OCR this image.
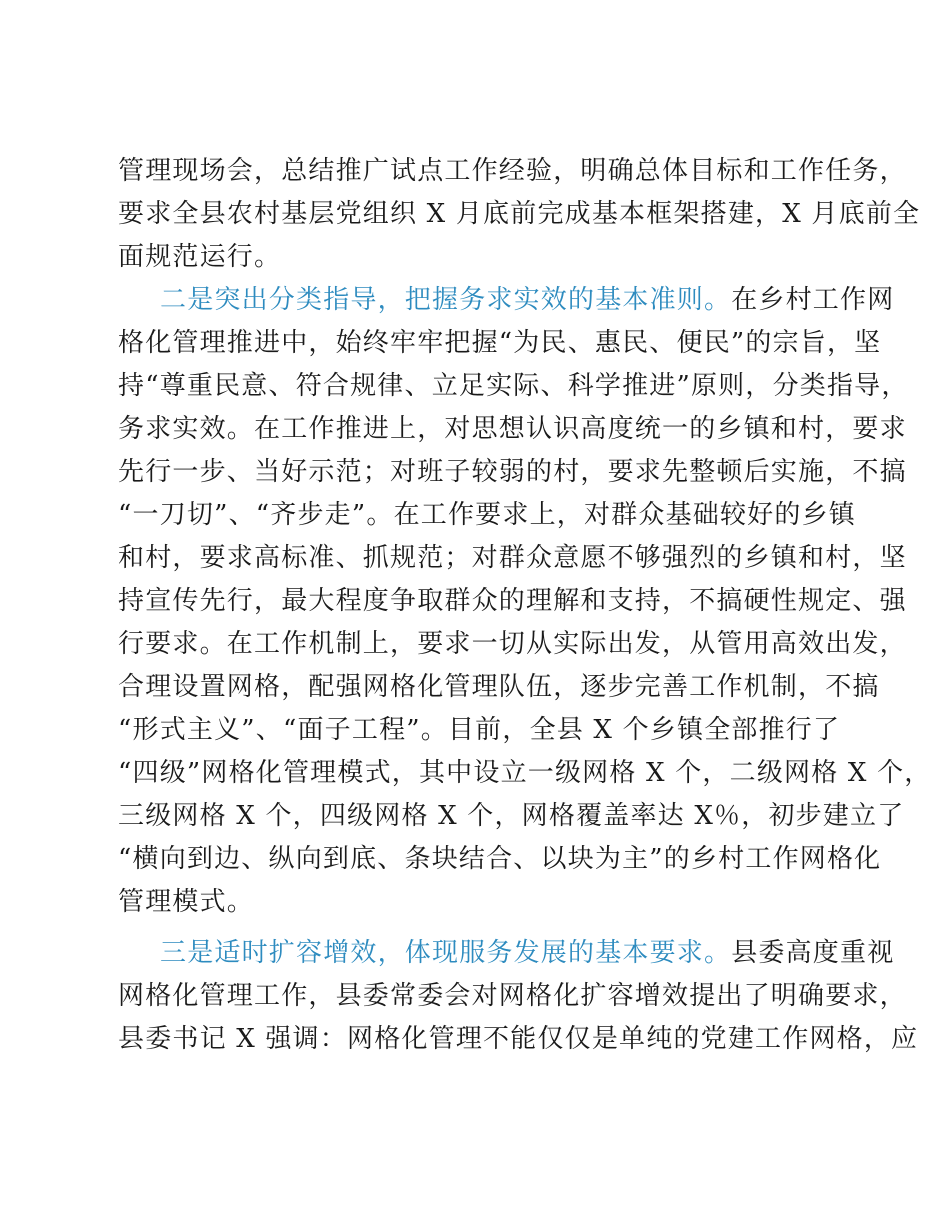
管理现场会，总结推广试点工作经验，明确总体目标和工作任务，
要求全县农村基层党组织 X 月底前完成基本框架搭建，X 月底前全
面规范运行。
二是突出分类指导，把握务求实效的基本准则。在乡村工作网
格化管理推进中，始终牢牢把握“为民、惠民、便民”的宗旨，坚
持“尊重民意、符合规律、立足实际、科学推进”原则，分类指导，
务求实效。在工作推进上，对思想认识高度统一的乡镇和村，要求
先行一步、当好示范；对班子较弱的村，要求先整顿后实施，不搞
“一刀切”、“齐步走”。在工作要求上，对群众基础较好的乡镇
和村，要求高标准、抓规范；对群众意愿不够强烈的乡镇和村，坚
持宣传先行，最大程度争取群众的理解和支持，不搞硬性规定、强
行要求。在工作机制上，要求一切从实际出发，从管用高效出发，
合理设置网格，配强网格化管理队伍，逐步完善工作机制，不搞
“形式主义”、“面子工程”。目前，全县 X 个乡镇全部推行了
“四级”网格化管理模式，其中设立一级网格 X 个，二级网格 X 个，
三级网格 X 个，四级网格 X 个，网格覆盖率达 X％，初步建立了
“横向到边、纵向到底、条块结合、以块为主”的乡村工作网格化
管理模式。
三是适时扩容增效，体现服务发展的基本要求。县委高度重视
网格化管理工作，县委常委会对网格化扩容增效提出了明确要求，
县委书记 X 强调：网格化管理不能仅仅是单纯的党建工作网格，应
